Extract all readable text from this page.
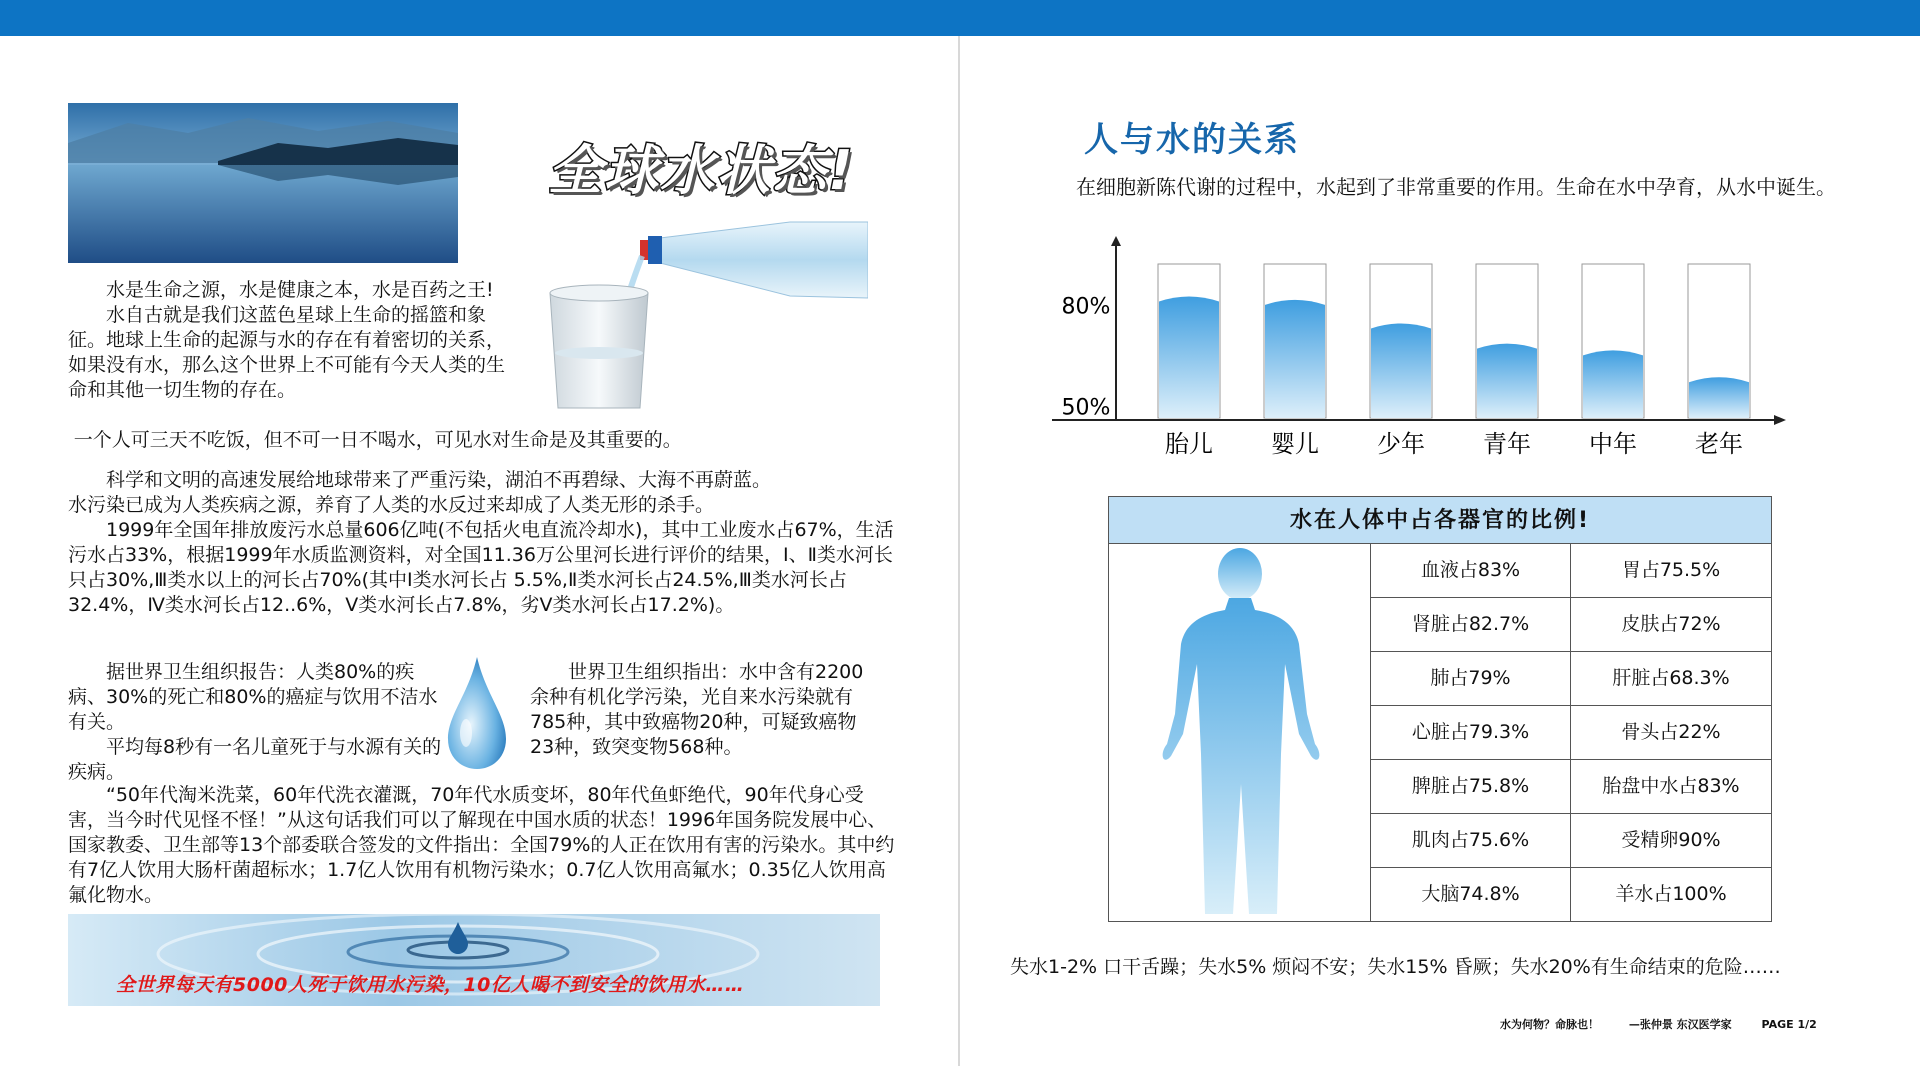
全球水状态!

水是生命之源，水是健康之本，水是百药之王!

水自古就是我们这蓝色星球上生命的摇篮和象征。地球上生命的起源与水的存在有着密切的关系，如果没有水，那么这个世界上不可能有今天人类的生命和其他一切生物的存在。

一个人可三天不吃饭，但不可一日不喝水，可见水对生命是及其重要的。

科学和文明的高速发展给地球带来了严重污染，湖泊不再碧绿、大海不再蔚蓝。

水污染已成为人类疾病之源，养育了人类的水反过来却成了人类无形的杀手。

1999年全国年排放废污水总量606亿吨(不包括火电直流冷却水)，其中工业废水占67%，生活污水占33%，根据1999年水质监测资料，对全国11.36万公里河长进行评价的结果，Ⅰ、Ⅱ类水河长只占30%,Ⅲ类水以上的河长占70%(其中Ⅰ类水河长占 5.5%,Ⅱ类水河长占24.5%,Ⅲ类水河长占32.4%，Ⅳ类水河长占12..6%，Ⅴ类水河长占7.8%，劣Ⅴ类水河长占17.2%)。

据世界卫生组织报告：人类80%的疾病、30%的死亡和80%的癌症与饮用不洁水有关。

平均每8秒有一名儿童死于与水源有关的疾病。

世界卫生组织指出：水中含有2200余种有机化学污染，光自来水污染就有785种，其中致癌物20种，可疑致癌物23种，致突变物568种。

“50年代淘米洗菜，60年代洗衣灌溉，70年代水质变坏，80年代鱼虾绝代，90年代身心受害，当今时代见怪不怪！”从这句话我们可以了解现在中国水质的状态！1996年国务院发展中心、国家教委、卫生部等13个部委联合签发的文件指出：全国79%的人正在饮用有害的污染水。其中约有7亿人饮用大肠杆菌超标水；1.7亿人饮用有机物污染水；0.7亿人饮用高氟水；0.35亿人饮用高氟化物水。

全世界每天有5000人死于饮用水污染，10亿人喝不到安全的饮用水……
人与水的关系

在细胞新陈代谢的过程中，水起到了非常重要的作用。生命在水中孕育，从水中诞生。

80%
50%
胎儿 婴儿 少年 青年 中年 老年
水在人体中占各器官的比例!
血液占83%	胃占75.5%
肾脏占82.7%	皮肤占72%
肺占79%	肝脏占68.3%
心脏占79.3%	骨头占22%
脾脏占75.8%	胎盘中水占83%
肌肉占75.6%	受精卵90%
大脑74.8%	羊水占100%
失水1-2% 口干舌躁；失水5% 烦闷不安；失水15% 昏厥；失水20%有生命结束的危险……
水为何物？命脉也！	—张仲景 东汉医学家	PAGE 1/2
